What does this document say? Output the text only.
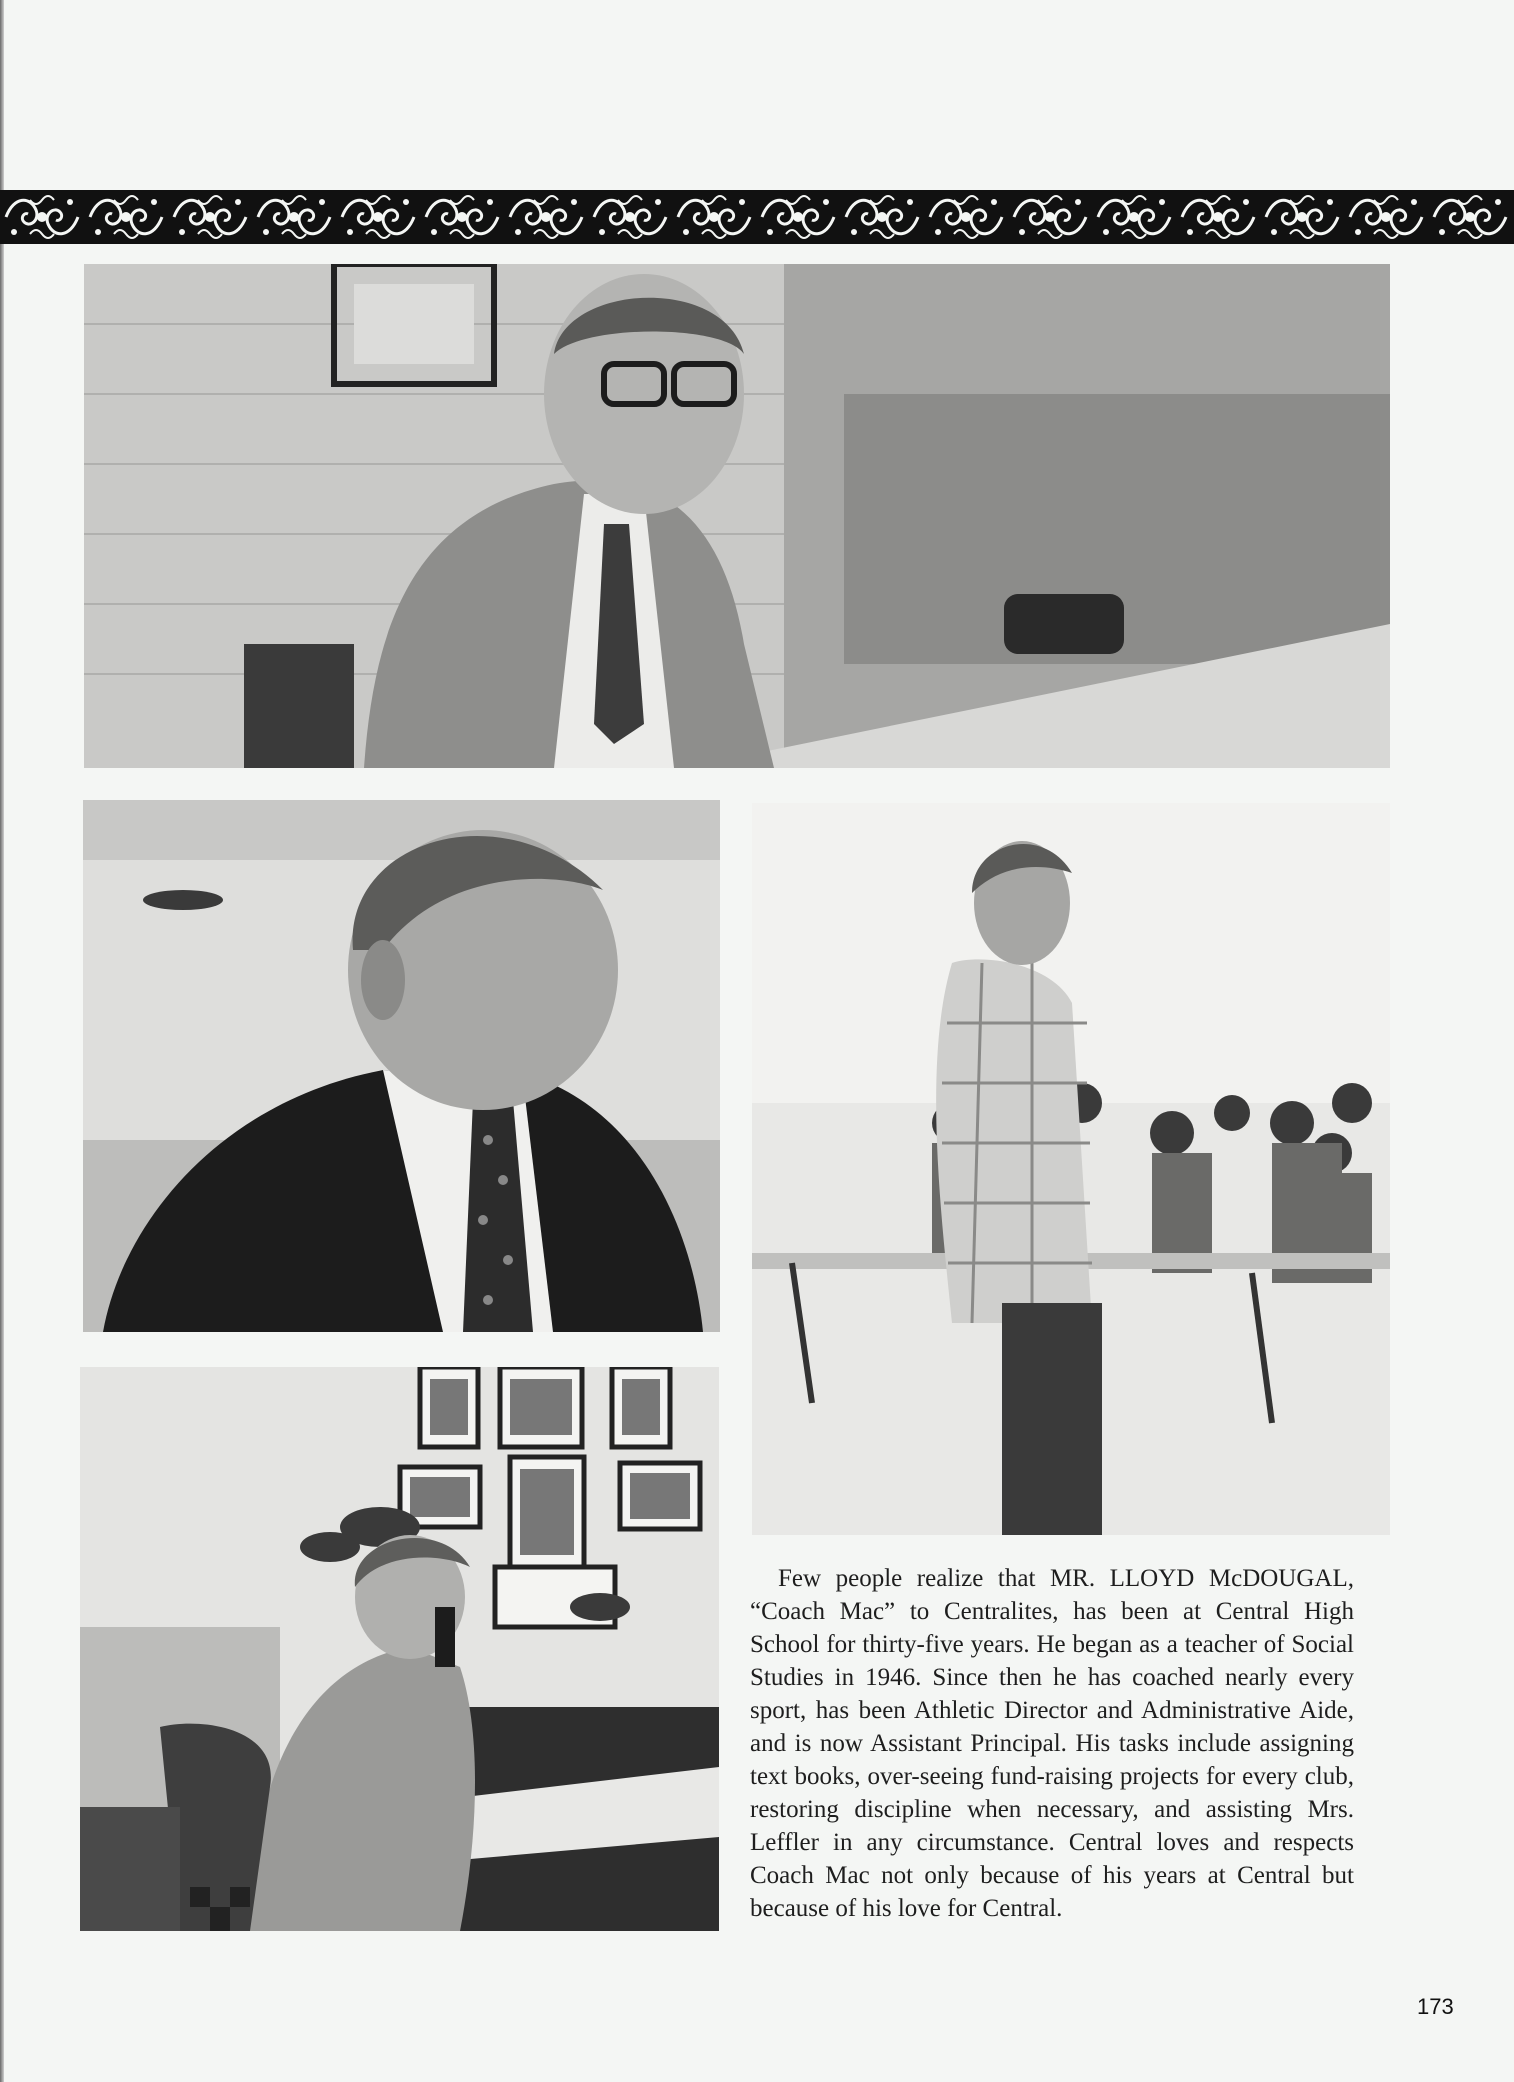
Few people realize that MR. LLOYD McDOUGAL, “Coach Mac” to Centralites, has been at Central High School for thirty-five years. He began as a teacher of Social Studies in 1946. Since then he has coached nearly every sport, has been Athletic Director and Administrative Aide, and is now Assistant Principal. His tasks include assigning text books, over-seeing fund-raising projects for every club, restoring discipline when necessary, and assisting Mrs. Leffler in any circumstance. Central loves and respects Coach Mac not only because of his years at Central but because of his love for Central.

173
